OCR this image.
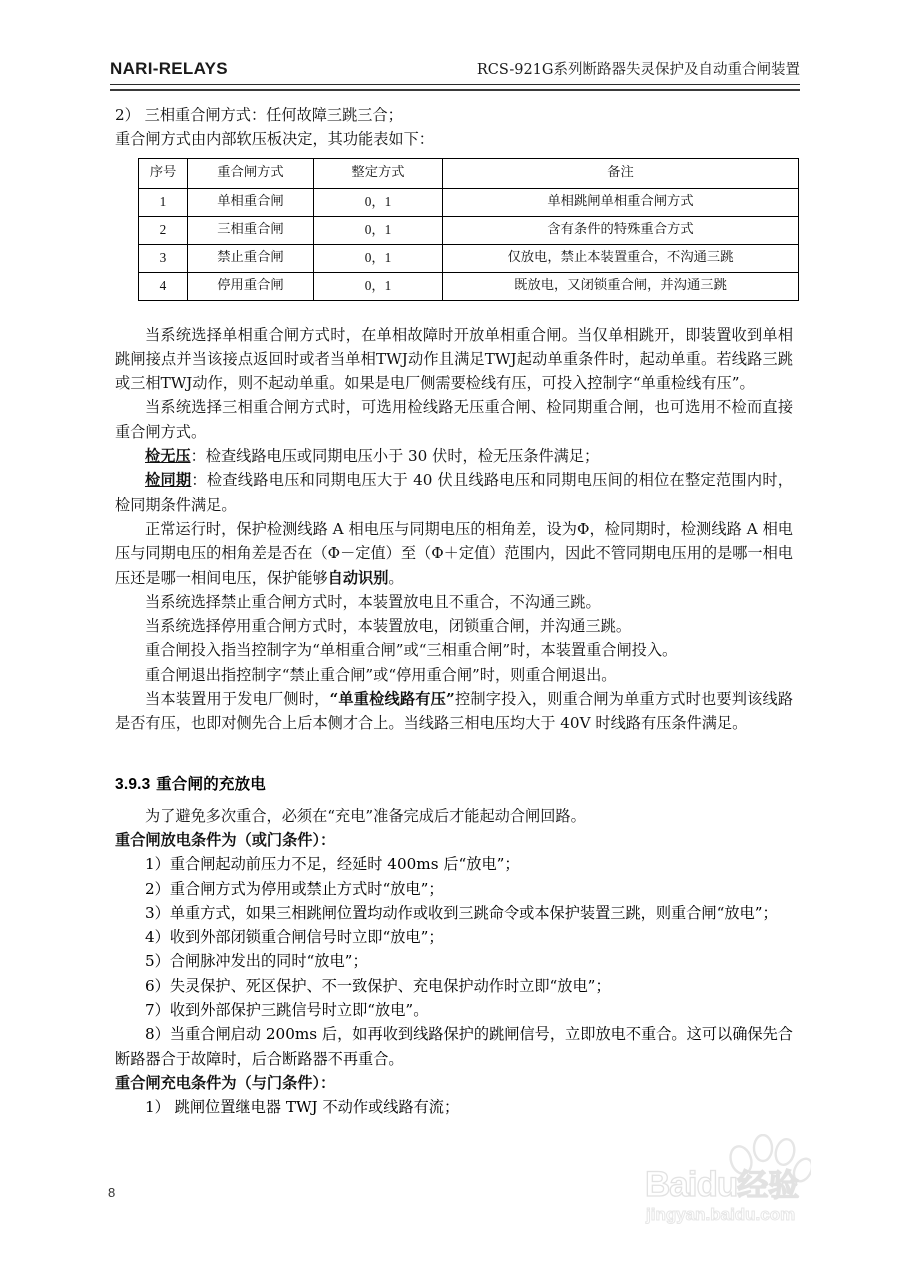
NARI-RELAYS	RCS-921G系列断路器失灵保护及自动重合闸装置

2） 三相重合闸方式：任何故障三跳三合；

重合闸方式由内部软压板决定，其功能表如下：

序号	重合闸方式	整定方式	备注
1	单相重合闸	0，1	单相跳闸单相重合闸方式
2	三相重合闸	0，1	含有条件的特殊重合方式
3	禁止重合闸	0，1	仅放电，禁止本装置重合，不沟通三跳
4	停用重合闸	0，1	既放电，又闭锁重合闸，并沟通三跳

当系统选择单相重合闸方式时，在单相故障时开放单相重合闸。当仅单相跳开，即装置收到单相跳闸接点并当该接点返回时或者当单相TWJ动作且满足TWJ起动单重条件时，起动单重。若线路三跳或三相TWJ动作，则不起动单重。如果是电厂侧需要检线有压，可投入控制字“单重检线有压”。

当系统选择三相重合闸方式时，可选用检线路无压重合闸、检同期重合闸，也可选用不检而直接重合闸方式。

检无压：检查线路电压或同期电压小于 30 伏时，检无压条件满足；

检同期：检查线路电压和同期电压大于 40 伏且线路电压和同期电压间的相位在整定范围内时，检同期条件满足。

正常运行时，保护检测线路 A 相电压与同期电压的相角差，设为Φ，检同期时，检测线路 A 相电压与同期电压的相角差是否在（Φ－定值）至（Φ＋定值）范围内，因此不管同期电压用的是哪一相电压还是哪一相间电压，保护能够自动识别。

当系统选择禁止重合闸方式时，本装置放电且不重合，不沟通三跳。

当系统选择停用重合闸方式时，本装置放电，闭锁重合闸，并沟通三跳。

重合闸投入指当控制字为“单相重合闸”或“三相重合闸”时，本装置重合闸投入。

重合闸退出指控制字“禁止重合闸”或“停用重合闸”时，则重合闸退出。

当本装置用于发电厂侧时，“单重检线路有压”控制字投入，则重合闸为单重方式时也要判该线路是否有压，也即对侧先合上后本侧才合上。当线路三相电压均大于 40V 时线路有压条件满足。

3.9.3 重合闸的充放电

为了避免多次重合，必须在“充电”准备完成后才能起动合闸回路。

重合闸放电条件为（或门条件）：

1）重合闸起动前压力不足，经延时 400ms 后“放电”；

2）重合闸方式为停用或禁止方式时“放电”；

3）单重方式，如果三相跳闸位置均动作或收到三跳命令或本保护装置三跳，则重合闸“放电”；

4）收到外部闭锁重合闸信号时立即“放电”；

5）合闸脉冲发出的同时“放电”；

6）失灵保护、死区保护、不一致保护、充电保护动作时立即“放电”；

7）收到外部保护三跳信号时立即“放电”。

8）当重合闸启动 200ms 后，如再收到线路保护的跳闸信号，立即放电不重合。这可以确保先合断路器合于故障时，后合断路器不再重合。

重合闸充电条件为（与门条件）：

1） 跳闸位置继电器 TWJ 不动作或线路有流；

8	Baidu经验
jingyan.baidu.com
